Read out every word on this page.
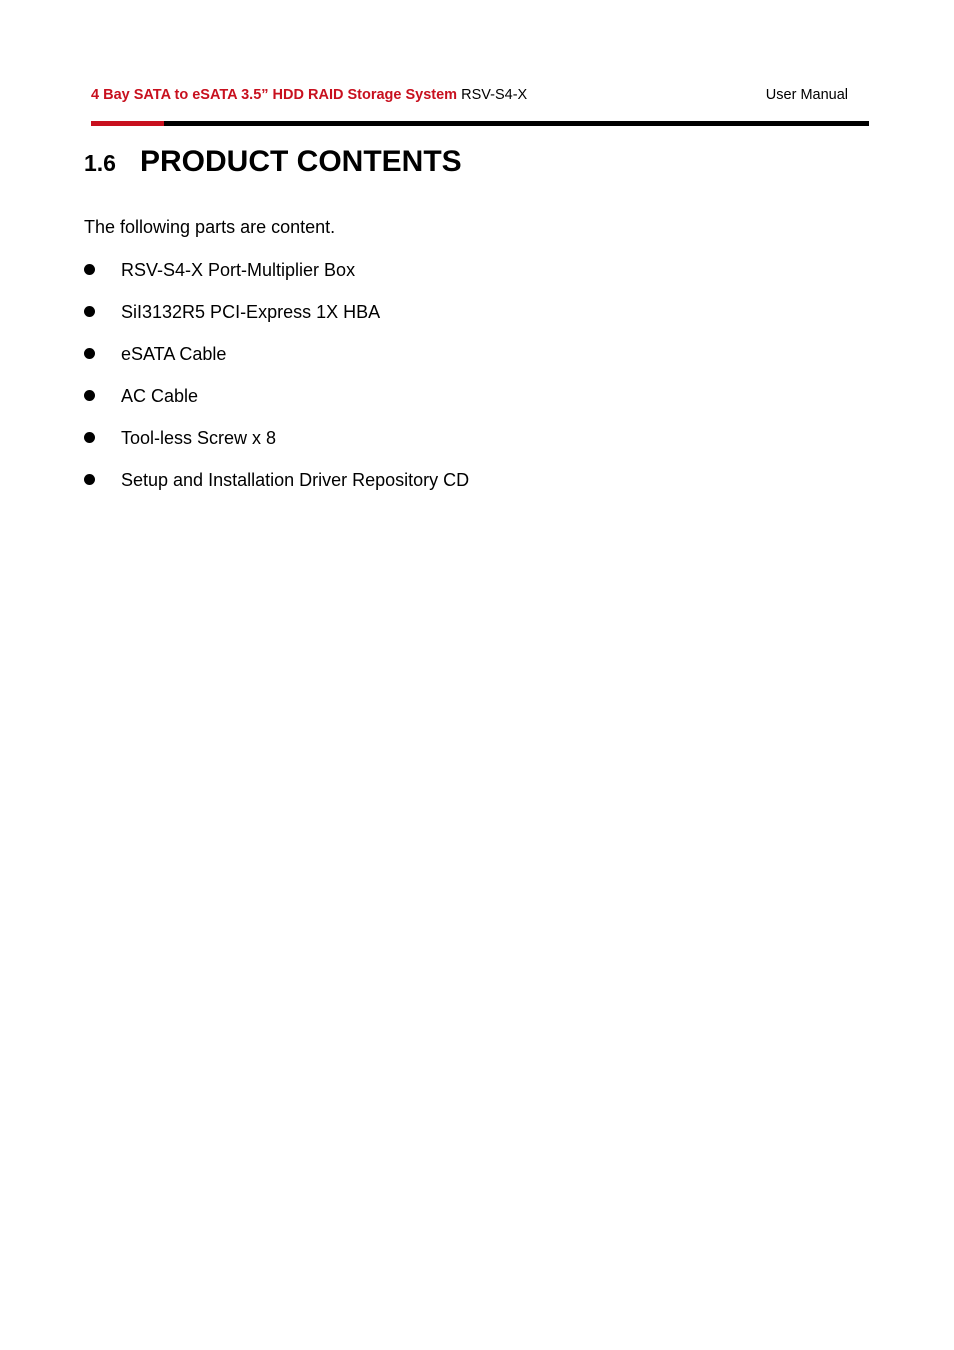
4 Bay SATA to eSATA 3.5” HDD RAID Storage System RSV-S4-X	User Manual
1.6 PRODUCT CONTENTS
The following parts are content.
RSV-S4-X Port-Multiplier Box
SiI3132R5 PCI-Express 1X HBA
eSATA Cable
AC Cable
Tool-less Screw x 8
Setup and Installation Driver Repository CD
